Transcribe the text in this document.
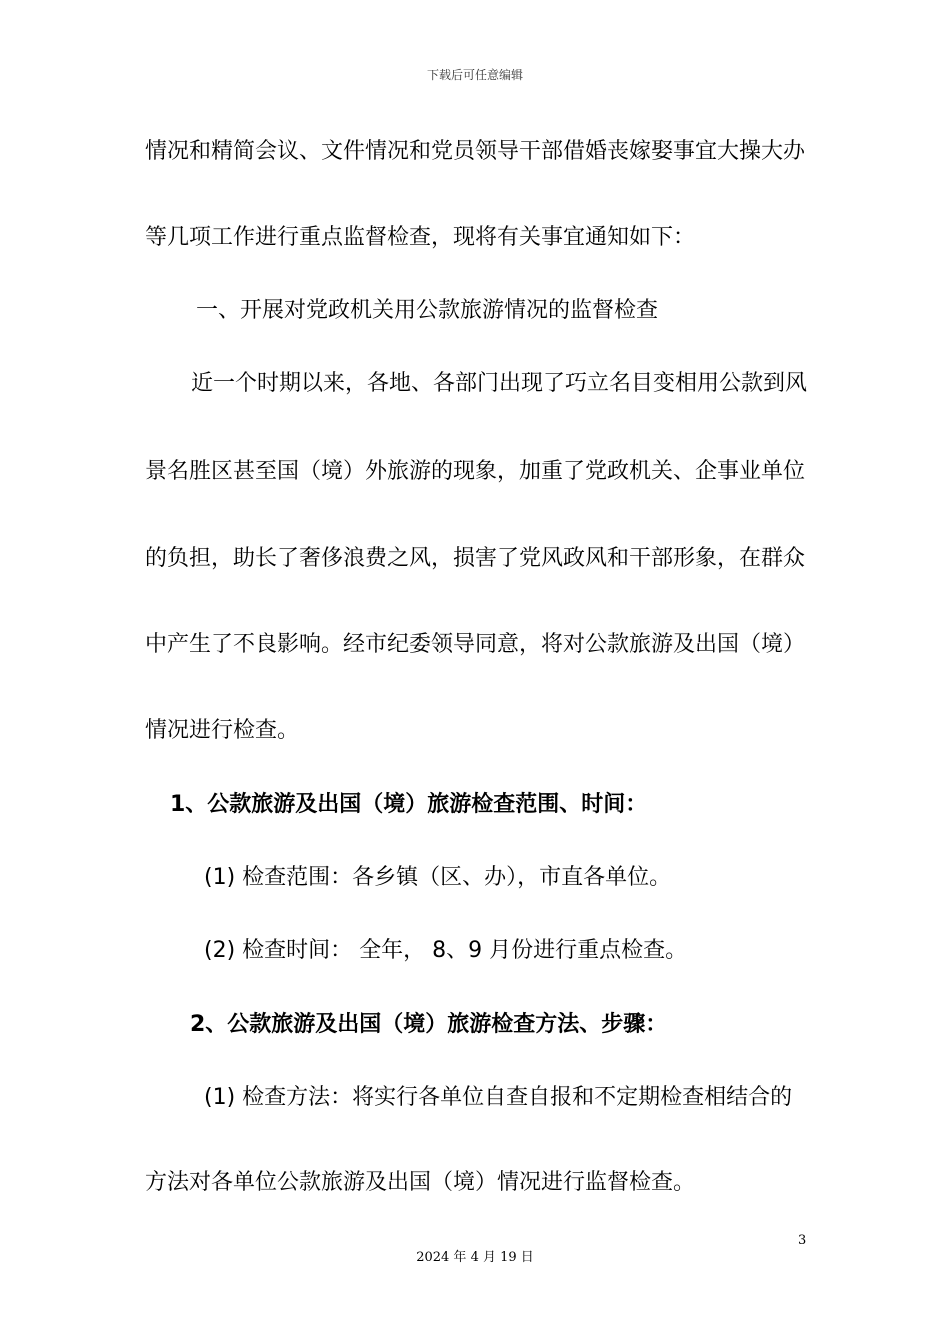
下载后可任意编辑
情况和精简会议、文件情况和党员领导干部借婚丧嫁娶事宜大操大办
等几项工作进行重点监督检查，现将有关事宜通知如下：
一、开展对党政机关用公款旅游情况的监督检查
近一个时期以来，各地、各部门出现了巧立名目变相用公款到风
景名胜区甚至国（境）外旅游的现象，加重了党政机关、企事业单位
的负担，助长了奢侈浪费之风，损害了党风政风和干部形象，在群众
中产生了不良影响。经市纪委领导同意，将对公款旅游及出国（境）
情况进行检查。
1、公款旅游及出国（境）旅游检查范围、时间：
(1) 检查范围：各乡镇（区、办），市直各单位。
(2) 检查时间： 全年， 8、9 月份进行重点检查。
2、公款旅游及出国（境）旅游检查方法、步骤：
(1) 检查方法：将实行各单位自查自报和不定期检查相结合的
方法对各单位公款旅游及出国（境）情况进行监督检查。
3
2024 年 4 月 19 日
